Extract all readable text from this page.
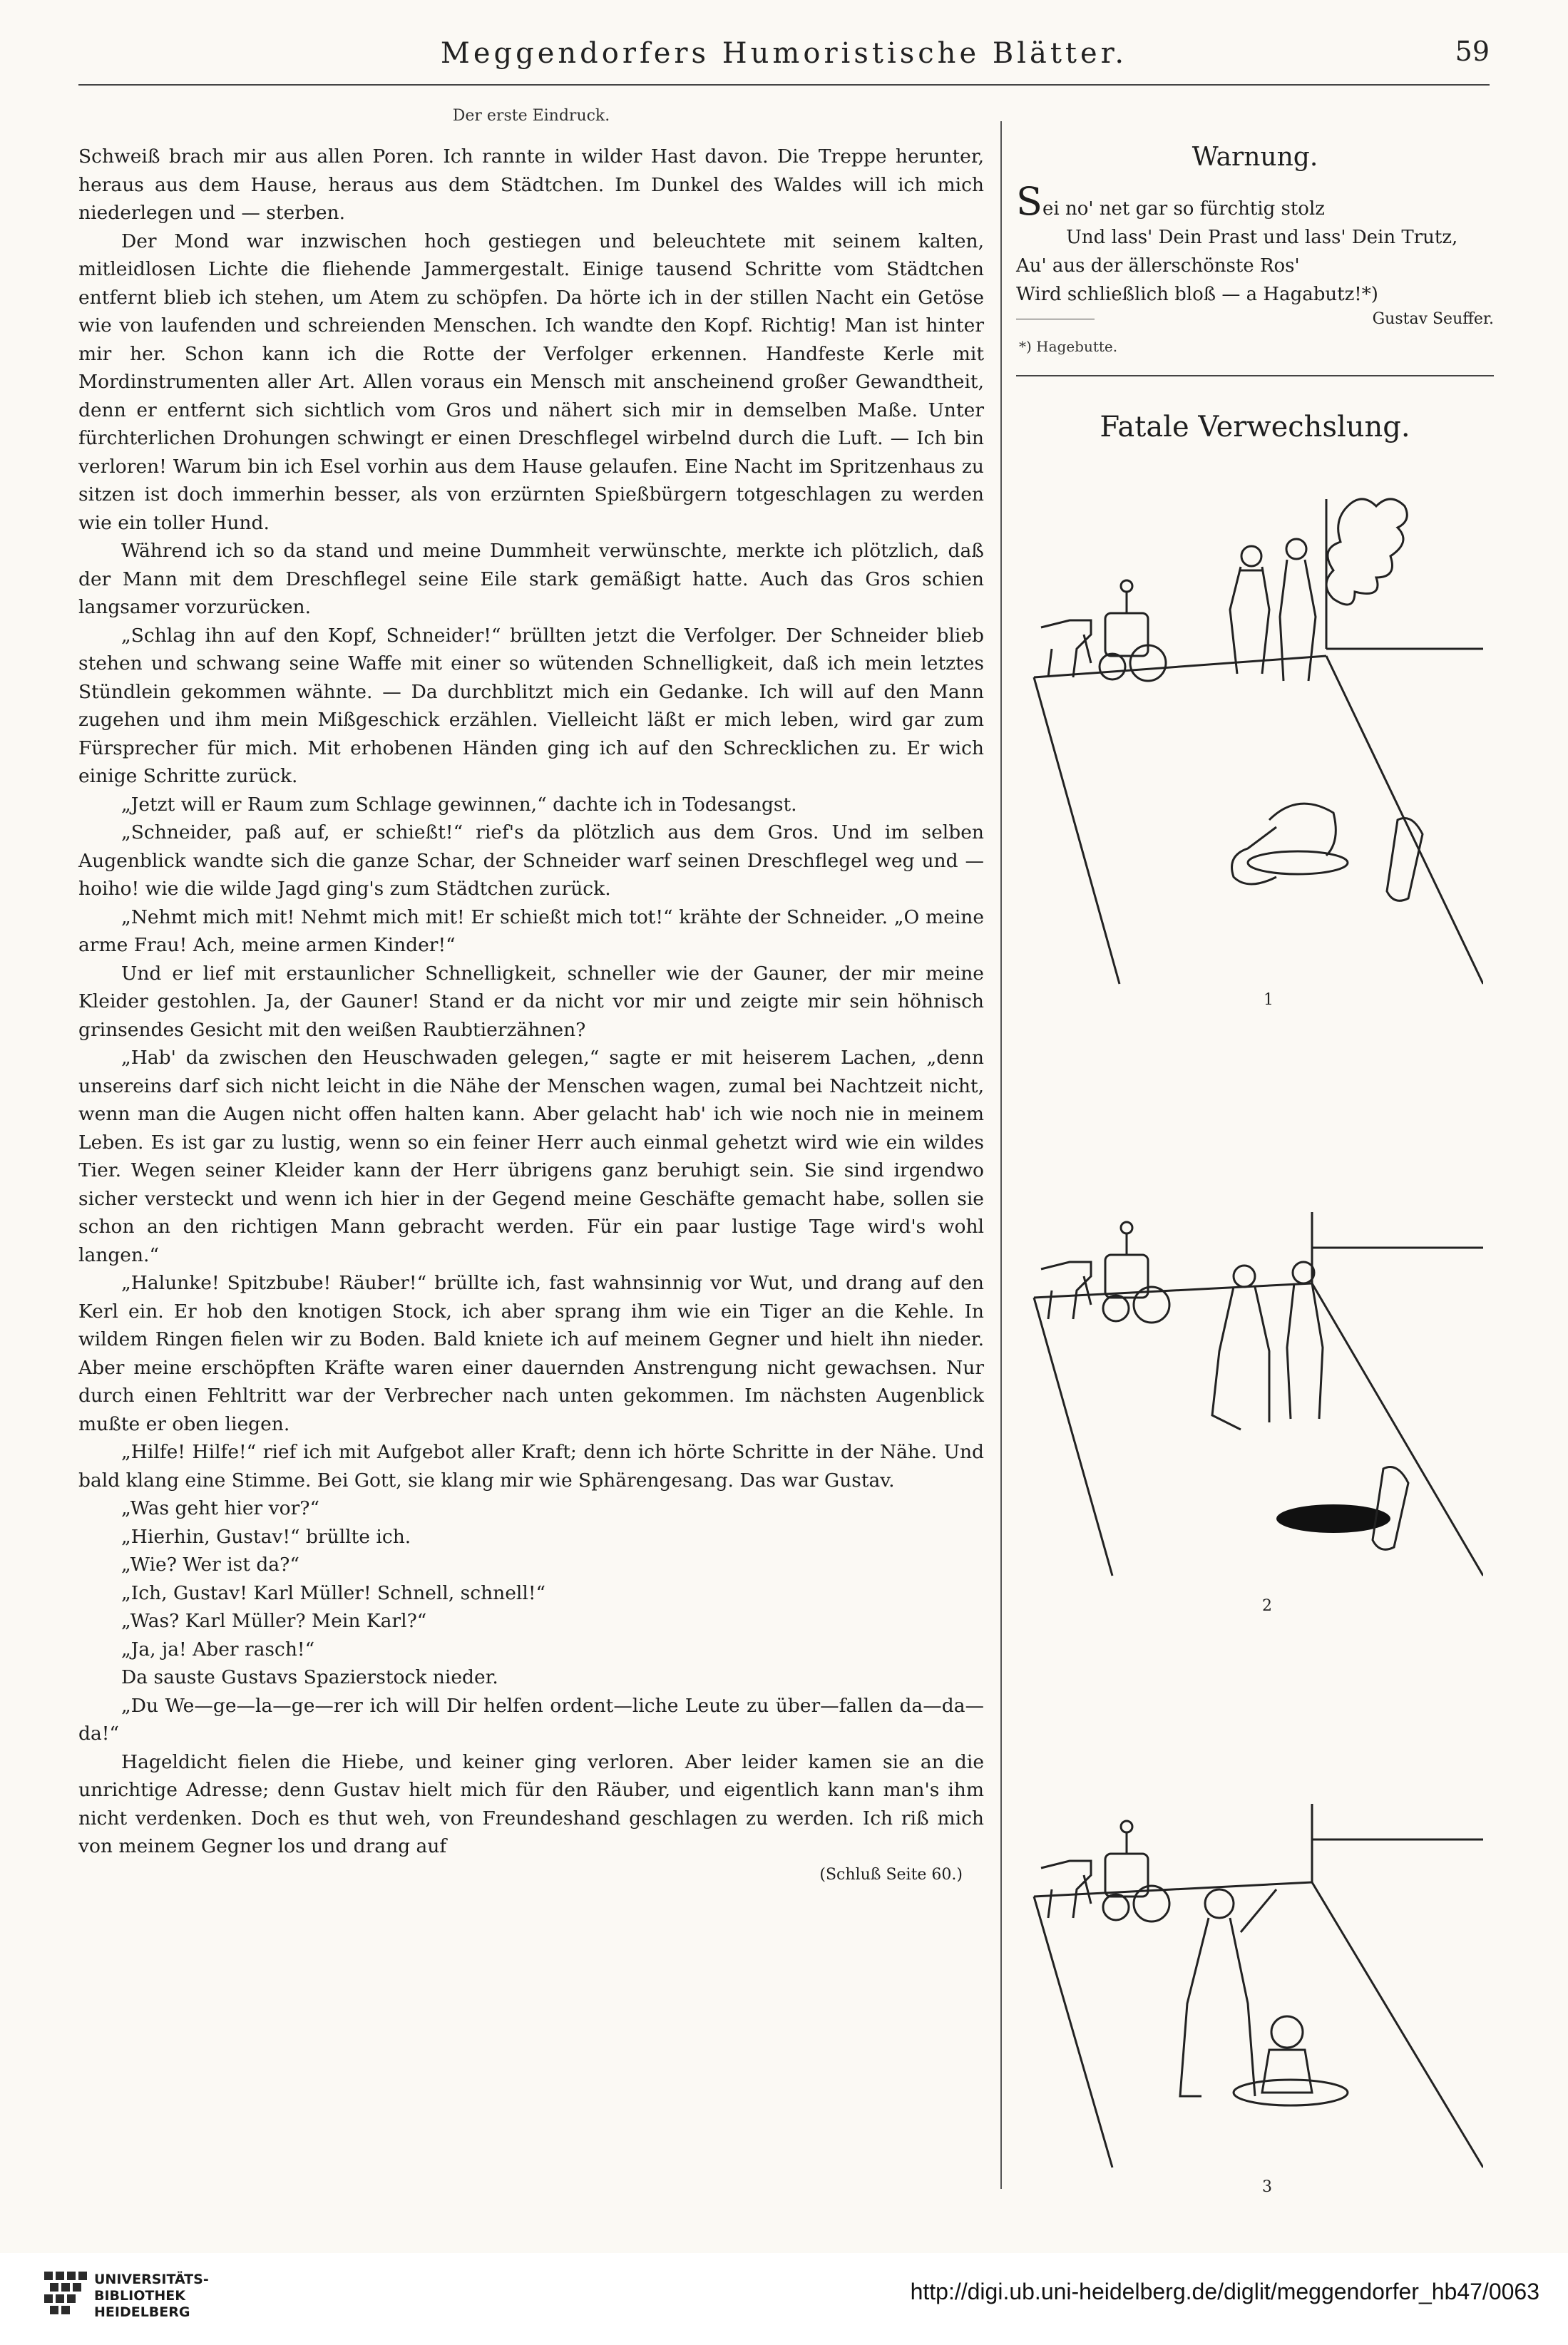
Meggendorfers Humoristische Blätter.	59
Der erste Eindruck.

Schweiß brach mir aus allen Poren. Ich rannte in wilder Hast davon. Die Treppe herunter, heraus aus dem Hause, heraus aus dem Städtchen. Im Dunkel des Waldes will ich mich niederlegen und — sterben.

Der Mond war inzwischen hoch gestiegen und beleuchtete mit seinem kalten, mitleidlosen Lichte die fliehende Jammergestalt. Einige tausend Schritte vom Städtchen entfernt blieb ich stehen, um Atem zu schöpfen. Da hörte ich in der stillen Nacht ein Getöse wie von laufenden und schreienden Menschen. Ich wandte den Kopf. Richtig! Man ist hinter mir her. Schon kann ich die Rotte der Verfolger erkennen. Handfeste Kerle mit Mordinstrumenten aller Art. Allen voraus ein Mensch mit anscheinend großer Gewandtheit, denn er entfernt sich sichtlich vom Gros und nähert sich mir in demselben Maße. Unter fürchterlichen Drohungen schwingt er einen Dreschflegel wirbelnd durch die Luft. — Ich bin verloren! Warum bin ich Esel vorhin aus dem Hause gelaufen. Eine Nacht im Spritzenhaus zu sitzen ist doch immerhin besser, als von erzürnten Spießbürgern totgeschlagen zu werden wie ein toller Hund.

Während ich so da stand und meine Dummheit verwünschte, merkte ich plötzlich, daß der Mann mit dem Dreschflegel seine Eile stark gemäßigt hatte. Auch das Gros schien langsamer vorzurücken.

„Schlag ihn auf den Kopf, Schneider!“ brüllten jetzt die Verfolger. Der Schneider blieb stehen und schwang seine Waffe mit einer so wütenden Schnelligkeit, daß ich mein letztes Stündlein gekommen wähnte. — Da durchblitzt mich ein Gedanke. Ich will auf den Mann zugehen und ihm mein Mißgeschick erzählen. Vielleicht läßt er mich leben, wird gar zum Fürsprecher für mich. Mit erhobenen Händen ging ich auf den Schrecklichen zu. Er wich einige Schritte zurück.

„Jetzt will er Raum zum Schlage gewinnen,“ dachte ich in Todesangst.

„Schneider, paß auf, er schießt!“ rief's da plötzlich aus dem Gros. Und im selben Augenblick wandte sich die ganze Schar, der Schneider warf seinen Dreschflegel weg und — hoiho! wie die wilde Jagd ging's zum Städtchen zurück.

„Nehmt mich mit! Nehmt mich mit! Er schießt mich tot!“ krähte der Schneider. „O meine arme Frau! Ach, meine armen Kinder!“

Und er lief mit erstaunlicher Schnelligkeit, schneller wie der Gauner, der mir meine Kleider gestohlen. Ja, der Gauner! Stand er da nicht vor mir und zeigte mir sein höhnisch grinsendes Gesicht mit den weißen Raubtierzähnen?

„Hab' da zwischen den Heuschwaden gelegen,“ sagte er mit heiserem Lachen, „denn unsereins darf sich nicht leicht in die Nähe der Menschen wagen, zumal bei Nachtzeit nicht, wenn man die Augen nicht offen halten kann. Aber gelacht hab' ich wie noch nie in meinem Leben. Es ist gar zu lustig, wenn so ein feiner Herr auch einmal gehetzt wird wie ein wildes Tier. Wegen seiner Kleider kann der Herr übrigens ganz beruhigt sein. Sie sind irgendwo sicher versteckt und wenn ich hier in der Gegend meine Geschäfte gemacht habe, sollen sie schon an den richtigen Mann gebracht werden. Für ein paar lustige Tage wird's wohl langen.“

„Halunke! Spitzbube! Räuber!“ brüllte ich, fast wahnsinnig vor Wut, und drang auf den Kerl ein. Er hob den knotigen Stock, ich aber sprang ihm wie ein Tiger an die Kehle. In wildem Ringen fielen wir zu Boden. Bald kniete ich auf meinem Gegner und hielt ihn nieder. Aber meine erschöpften Kräfte waren einer dauernden Anstrengung nicht gewachsen. Nur durch einen Fehltritt war der Verbrecher nach unten gekommen. Im nächsten Augenblick mußte er oben liegen.

„Hilfe! Hilfe!“ rief ich mit Aufgebot aller Kraft; denn ich hörte Schritte in der Nähe. Und bald klang eine Stimme. Bei Gott, sie klang mir wie Sphärengesang. Das war Gustav.

„Was geht hier vor?“

„Hierhin, Gustav!“ brüllte ich.

„Wie? Wer ist da?“

„Ich, Gustav! Karl Müller! Schnell, schnell!“

„Was? Karl Müller? Mein Karl?“

„Ja, ja! Aber rasch!“

Da sauste Gustavs Spazierstock nieder.

„Du We—ge—la—ge—rer ich will Dir helfen ordent—liche Leute zu über—fallen da—da—da!“

Hageldicht fielen die Hiebe, und keiner ging verloren. Aber leider kamen sie an die unrichtige Adresse; denn Gustav hielt mich für den Räuber, und eigentlich kann man's ihm nicht verdenken. Doch es thut weh, von Freundeshand geschlagen zu werden. Ich riß mich von meinem Gegner los und drang auf

(Schluß Seite 60.)

Warnung.
Sei no' net gar so fürchtig stolz
Und lass' Dein Prast und lass' Dein Trutz,
Au' aus der ällerschönste Ros'
Wird schließlich bloß — a Hagabutz!*)
Gustav Seuffer.
*) Hagebutte.
Fatale Verwechslung.
1
2
3
UNIVERSITÄTS-
BIBLIOTHEK
HEIDELBERG
http://digi.ub.uni-heidelberg.de/diglit/meggendorfer_hb47/0063
